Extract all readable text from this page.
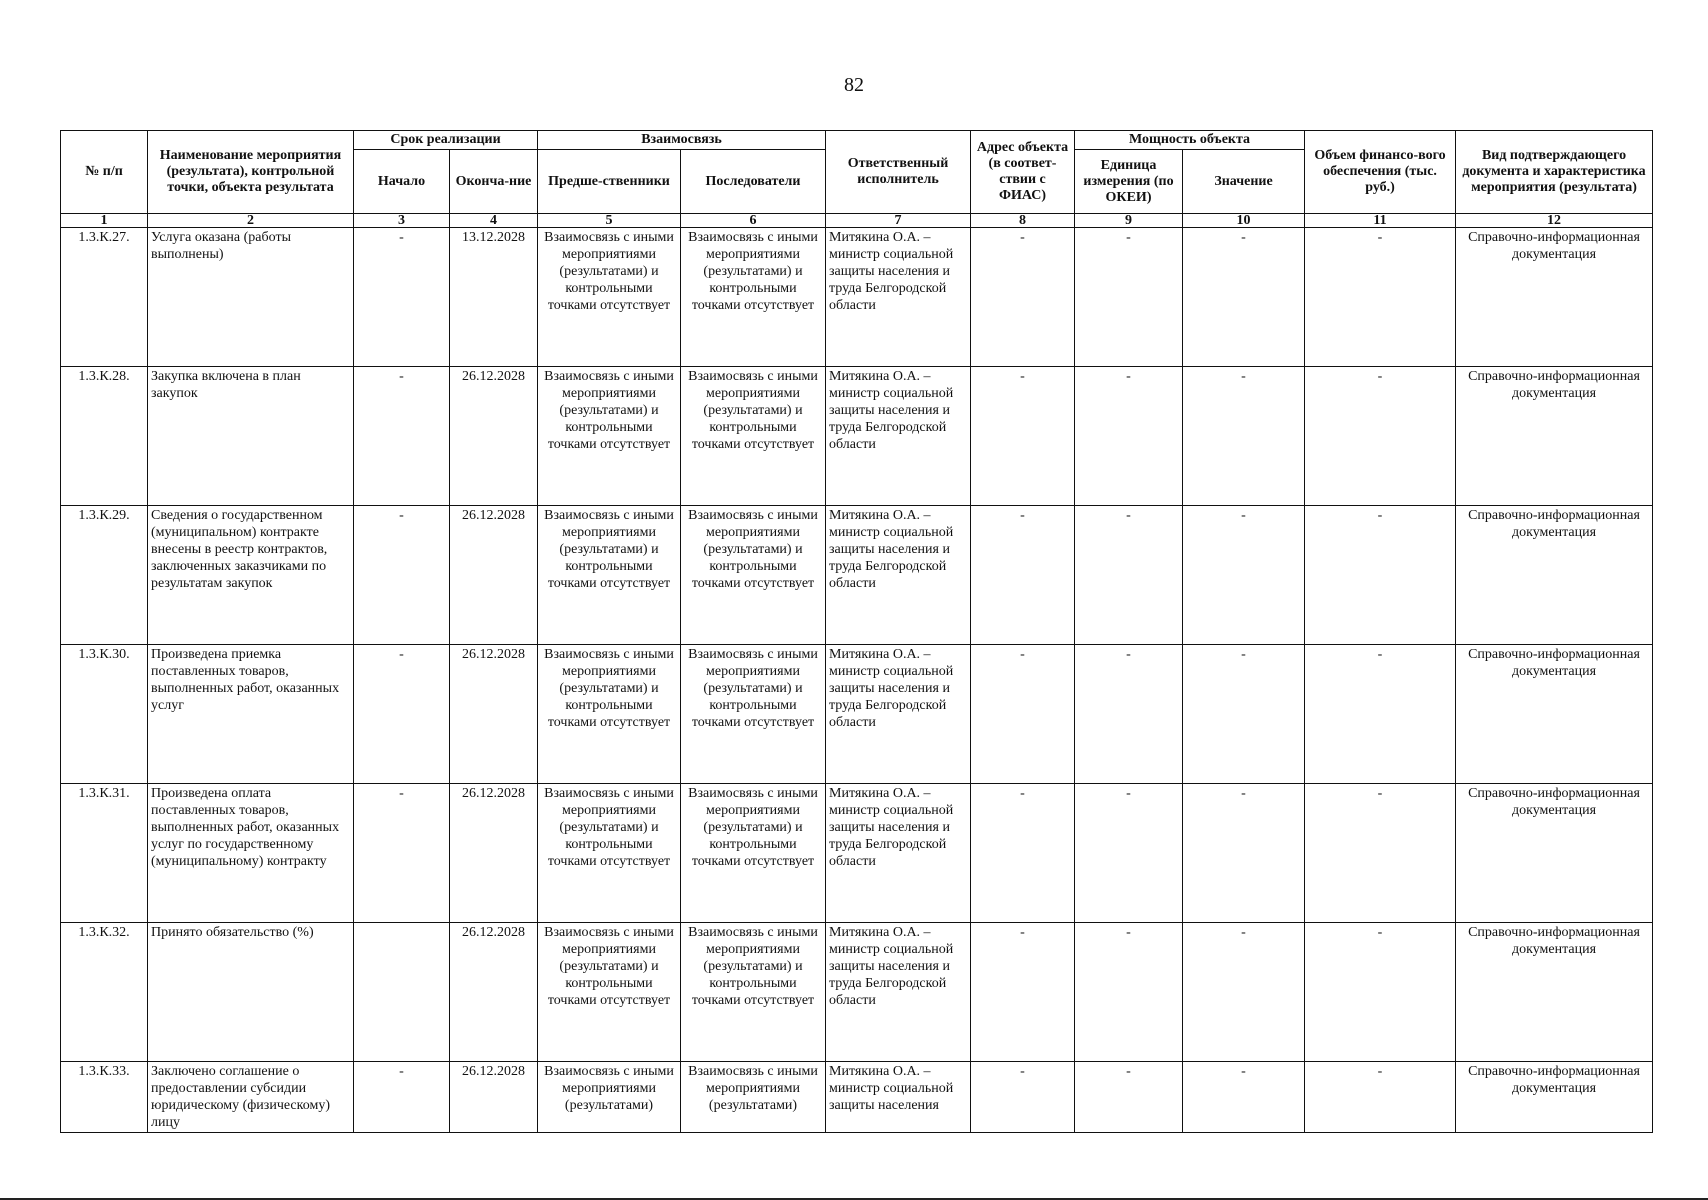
82
№ п/п	Наименование мероприятия (результата), контрольной точки, объекта результата	Срок реализации		Взаимосвязь		Ответственный исполнитель	Адрес объекта (в соответ-ствии с ФИАС)	Мощность объекта		Объем финансо-вого обеспечения (тыс. руб.)	Вид подтверждающего документа и характеристика мероприятия (результата)
		Начало	Оконча-ние	Предше-ственники	Последователи			Единица измерения (по ОКЕИ)	Значение		
1	2	3	4	5	6	7	8	9	10	11	12
1.3.К.27.	Услуга оказана (работы выполнены)	-	13.12.2028	Взаимосвязь с иными мероприятиями (результатами) и контрольными точками отсутствует	Взаимосвязь с иными мероприятиями (результатами) и контрольными точками отсутствует	Митякина О.А. – министр социальной защиты населения и труда Белгородской области	-	-	-	-	Справочно-информационная документация
1.3.К.28.	Закупка включена в план закупок	-	26.12.2028	Взаимосвязь с иными мероприятиями (результатами) и контрольными точками отсутствует	Взаимосвязь с иными мероприятиями (результатами) и контрольными точками отсутствует	Митякина О.А. – министр социальной защиты населения и труда Белгородской области	-	-	-	-	Справочно-информационная документация
1.3.К.29.	Сведения о государственном (муниципальном) контракте внесены в реестр контрактов, заключенных заказчиками по результатам закупок	-	26.12.2028	Взаимосвязь с иными мероприятиями (результатами) и контрольными точками отсутствует	Взаимосвязь с иными мероприятиями (результатами) и контрольными точками отсутствует	Митякина О.А. – министр социальной защиты населения и труда Белгородской области	-	-	-	-	Справочно-информационная документация
1.3.К.30.	Произведена приемка поставленных товаров, выполненных работ, оказанных услуг	-	26.12.2028	Взаимосвязь с иными мероприятиями (результатами) и контрольными точками отсутствует	Взаимосвязь с иными мероприятиями (результатами) и контрольными точками отсутствует	Митякина О.А. – министр социальной защиты населения и труда Белгородской области	-	-	-	-	Справочно-информационная документация
1.3.К.31.	Произведена оплата поставленных товаров, выполненных работ, оказанных услуг по государственному (муниципальному) контракту	-	26.12.2028	Взаимосвязь с иными мероприятиями (результатами) и контрольными точками отсутствует	Взаимосвязь с иными мероприятиями (результатами) и контрольными точками отсутствует	Митякина О.А. – министр социальной защиты населения и труда Белгородской области	-	-	-	-	Справочно-информационная документация
1.3.К.32.	Принято обязательство (%)		26.12.2028	Взаимосвязь с иными мероприятиями (результатами) и контрольными точками отсутствует	Взаимосвязь с иными мероприятиями (результатами) и контрольными точками отсутствует	Митякина О.А. – министр социальной защиты населения и труда Белгородской области	-	-	-	-	Справочно-информационная документация
1.3.К.33.	Заключено соглашение о предоставлении субсидии юридическому (физическому) лицу	-	26.12.2028	Взаимосвязь с иными мероприятиями (результатами)	Взаимосвязь с иными мероприятиями (результатами)	Митякина О.А. – министр социальной защиты населения	-	-	-	-	Справочно-информационная документация
